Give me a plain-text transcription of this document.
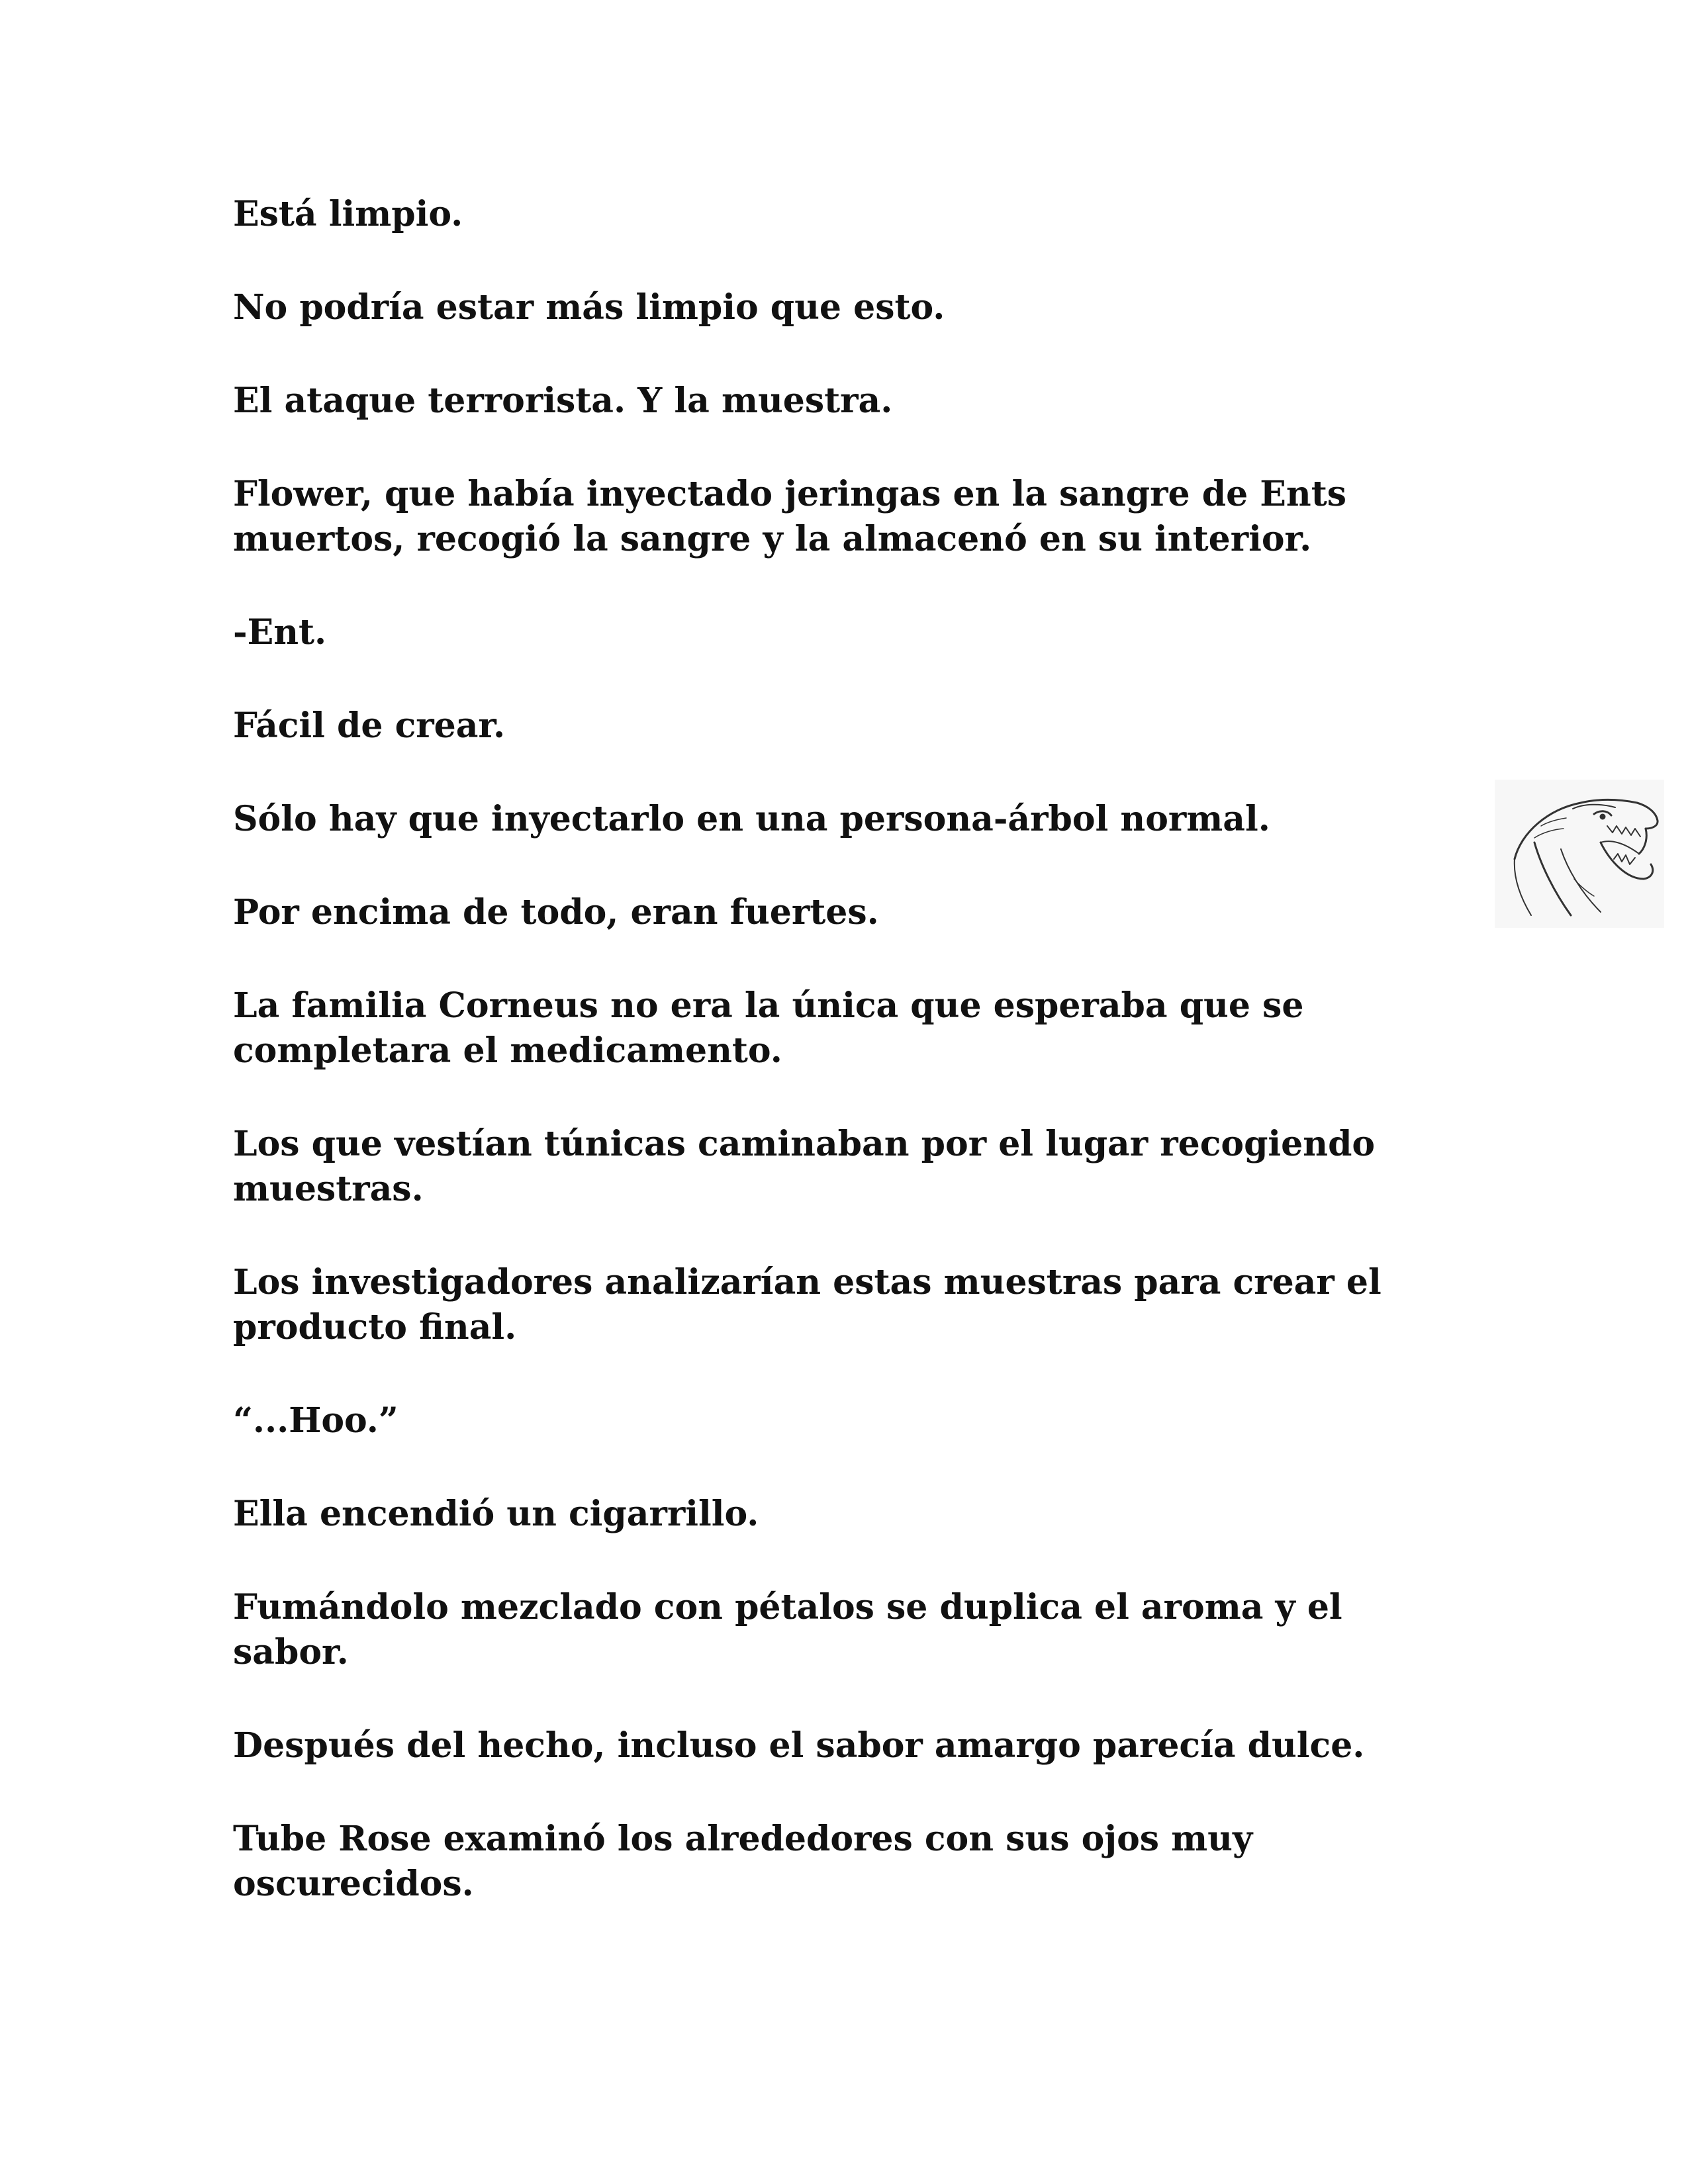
Está limpio.

No podría estar más limpio que esto.

El ataque terrorista. Y la muestra.

Flower, que había inyectado jeringas en la sangre de Ents
muertos, recogió la sangre y la almacenó en su interior.

-Ent.

Fácil de crear.

Sólo hay que inyectarlo en una persona-árbol normal.

Por encima de todo, eran fuertes.

La familia Corneus no era la única que esperaba que se
completara el medicamento.

Los que vestían túnicas caminaban por el lugar recogiendo
muestras.

Los investigadores analizarían estas muestras para crear el
producto final.

“...Hoo.”

Ella encendió un cigarrillo.

Fumándolo mezclado con pétalos se duplica el aroma y el
sabor.

Después del hecho, incluso el sabor amargo parecía dulce.

Tube Rose examinó los alrededores con sus ojos muy
oscurecidos.
